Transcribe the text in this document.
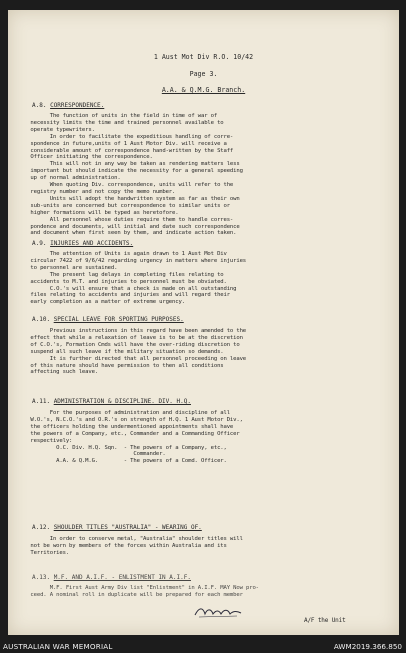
1 Aust Mot Div R.O. 10/42
Page 3.
A.A. & Q.M.G. Branch.
A.8. CORRESPONDENCE.
The function of units in the field in time of war of
necessity limits the time and trained personnel available to
operate typewriters.
In order to facilitate the expeditious handling of corre-
spondence in future,units of 1 Aust Motor Div. will receive a
considerable amount of correspondence hand-written by the Staff
Officer initiating the correspondence.
This will not in any way be taken as rendering matters less
important but should indicate the necessity for a general speeding
up of normal administration.
When quoting Div. correspondence, units will refer to the
registry number and not copy the memo number.
Units will adopt the handwritten system as far as their own
sub-units are concerned but correspondence to similar units or
higher formations will be typed as heretofore.
All personnel whose duties require them to handle corres-
pondence and documents, will initial and date such correspondence
and document when first seen by them, and indicate action taken.
A.9. INJURIES AND ACCIDENTS.
The attention of Units is again drawn to 1 Aust Mot Div
circular 7422 of 9/6/42 regarding urgency in matters where injuries
to personnel are sustained.
The present lag delays in completing files relating to
accidents to M.T. and injuries to personnel must be obviated.
C.O.'s will ensure that a check is made on all outstanding
files relating to accidents and injuries and will regard their
early completion as a matter of extreme urgency.
A.10. SPECIAL LEAVE FOR SPORTING PURPOSES.
Previous instructions in this regard have been amended to the
effect that while a relaxation of leave is to be at the discretion
of C.O.'s, Formation Cmds will have the over-riding discretion to
suspend all such leave if the military situation so demands.
It is further directed that all personnel proceeding on leave
of this nature should have permission to then all conditions
affecting such leave.
A.11. ADMINISTRATION & DISCIPLINE. DIV. H.Q.
For the purposes of administration and discipline of all
W.O.'s, N.C.O.'s and O.R.'s on strength of H.Q. 1 Aust Motor Div.,
the officers holding the undermentioned appointments shall have
the powers of a Company, etc., Commander and a Commanding Officer
respectively:
O.C. Div. H.Q. Sqn.  - The powers of a Company, etc.,
Commander.
A.A. & Q.M.G.        - The powers of a Comd. Officer.
A.12. SHOULDER TITLES "AUSTRALIA" - WEARING OF.
In order to conserve metal, "Australia" shoulder titles will
not be worn by members of the forces within Australia and its
Territories.
A.13. M.F. AND A.I.F. - ENLISTMENT IN A.I.F.
M.F. First Aust Army Div list "Enlistment" in A.I.F. MAY Now pro-
ceed. A nominal roll in duplicate will be prepared for each member
A/F the Unit
AUSTRALIAN WAR MEMORIAL	AWM2019.366.850
